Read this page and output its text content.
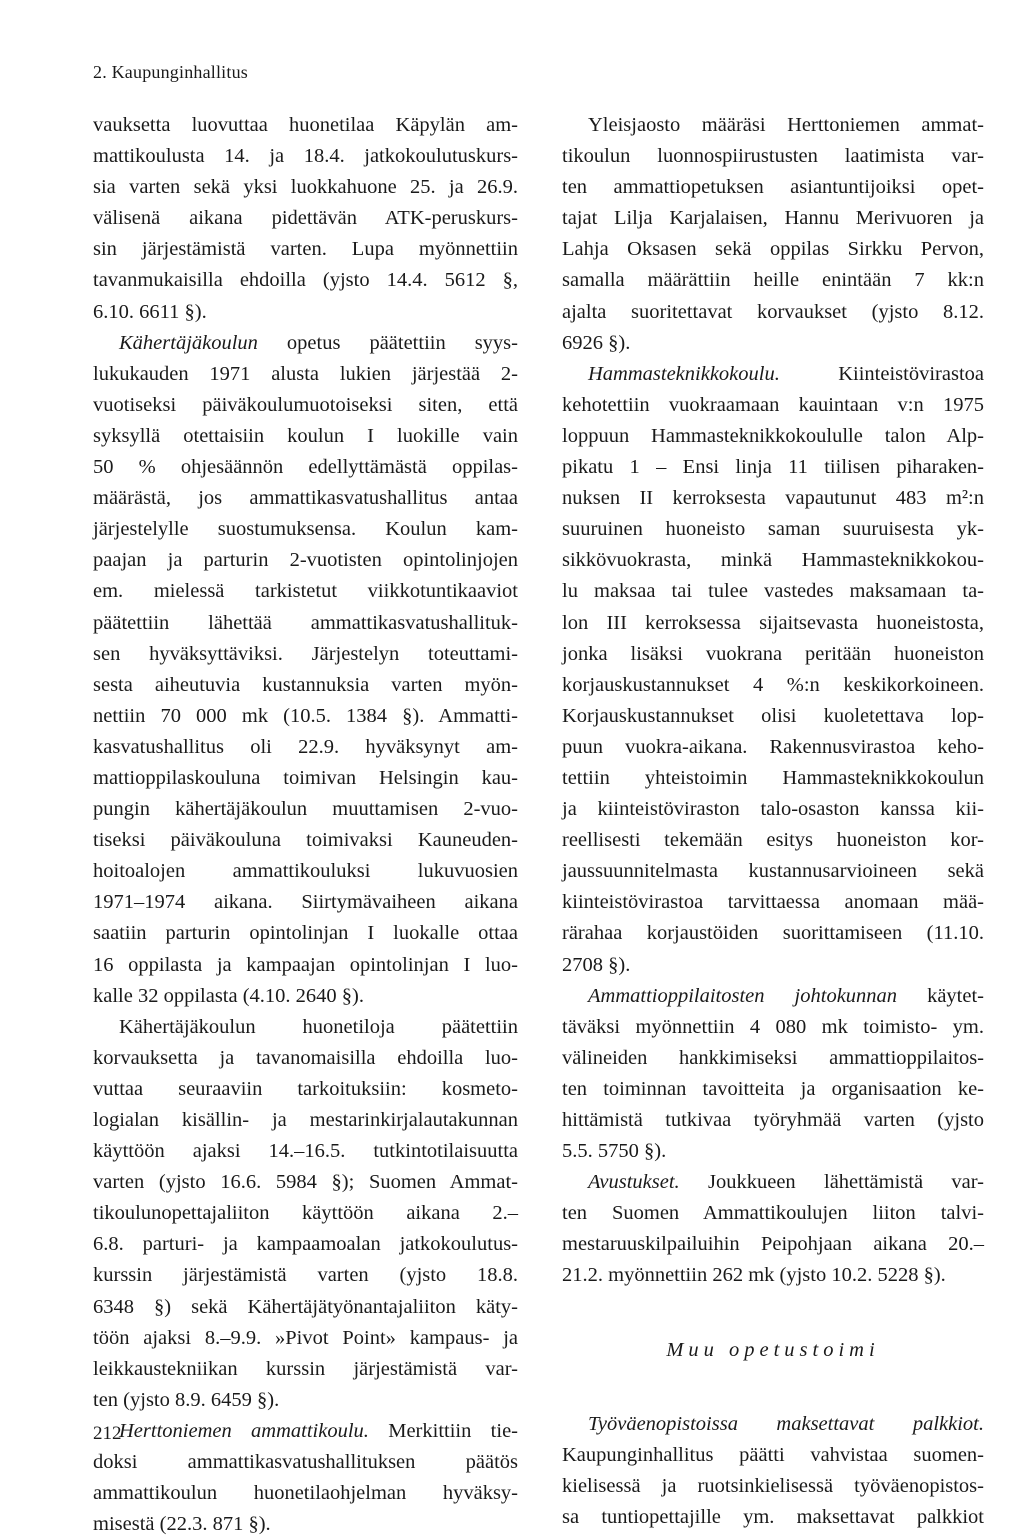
2. Kaupunginhallitus

vauksetta luovuttaa huonetilaa Käpylän am-
mattikoulusta 14. ja 18.4. jatkokoulutuskurs-
sia varten sekä yksi luokkahuone 25. ja 26.9.
välisenä aikana pidettävän ATK-peruskurs-
sin järjestämistä varten. Lupa myönnettiin
tavanmukaisilla ehdoilla (yjsto 14.4. 5612 §,
6.10. 6611 §).

Kähertäjäkoulun opetus päätettiin syys-
lukukauden 1971 alusta lukien järjestää 2-
vuotiseksi päiväkoulumuotoiseksi siten, että
syksyllä otettaisiin koulun I luokille vain
50 % ohjesäännön edellyttämästä oppilas-
määrästä, jos ammattikasvatushallitus antaa
järjestelylle suostumuksensa. Koulun kam-
paajan ja parturin 2-vuotisten opintolinjojen
em. mielessä tarkistetut viikkotuntikaaviot
päätettiin lähettää ammattikasvatushallituk-
sen hyväksyttäviksi. Järjestelyn toteuttami-
sesta aiheutuvia kustannuksia varten myön-
nettiin 70 000 mk (10.5. 1384 §). Ammatti-
kasvatushallitus oli 22.9. hyväksynyt am-
mattioppilaskouluna toimivan Helsingin kau-
pungin kähertäjäkoulun muuttamisen 2-vuo-
tiseksi päiväkouluna toimivaksi Kauneuden-
hoitoalojen ammattikouluksi lukuvuosien
1971–1974 aikana. Siirtymävaiheen aikana
saatiin parturin opintolinjan I luokalle ottaa
16 oppilasta ja kampaajan opintolinjan I luo-
kalle 32 oppilasta (4.10. 2640 §).

Kähertäjäkoulun huonetiloja päätettiin
korvauksetta ja tavanomaisilla ehdoilla luo-
vuttaa seuraaviin tarkoituksiin: kosmeto-
logialan kisällin- ja mestarinkirjalautakunnan
käyttöön ajaksi 14.–16.5. tutkintotilaisuutta
varten (yjsto 16.6. 5984 §); Suomen Ammat-
tikoulunopettajaliiton käyttöön aikana 2.–
6.8. parturi- ja kampaamoalan jatkokoulutus-
kurssin järjestämistä varten (yjsto 18.8.
6348 §) sekä Kähertäjätyönantajaliiton käty-
töön ajaksi 8.–9.9. »Pivot Point» kampaus- ja
leikkaustekniikan kurssin järjestämistä var-
ten (yjsto 8.9. 6459 §).

Herttoniemen ammattikoulu. Merkittiin tie-
doksi ammattikasvatushallituksen päätös
ammattikoulun huonetilaohjelman hyväksy-
misestä (22.3. 871 §).

Yleisjaosto määräsi Herttoniemen ammat-
tikoulun luonnospiirustusten laatimista var-
ten ammattiopetuksen asiantuntijoiksi opet-
tajat Lilja Karjalaisen, Hannu Merivuoren ja
Lahja Oksasen sekä oppilas Sirkku Pervon,
samalla määrättiin heille enintään 7 kk:n
ajalta suoritettavat korvaukset (yjsto 8.12.
6926 §).

Hammasteknikkokoulu. Kiinteistövirastoa
kehotettiin vuokraamaan kauintaan v:n 1975
loppuun Hammasteknikkokoululle talon Alp-
pikatu 1 – Ensi linja 11 tiilisen piharaken-
nuksen II kerroksesta vapautunut 483 m²:n
suuruinen huoneisto saman suuruisesta yk-
sikkövuokrasta, minkä Hammasteknikkokou-
lu maksaa tai tulee vastedes maksamaan ta-
lon III kerroksessa sijaitsevasta huoneistosta,
jonka lisäksi vuokrana peritään huoneiston
korjauskustannukset 4 %:n keskikorkoineen.
Korjauskustannukset olisi kuoletettava lop-
puun vuokra-aikana. Rakennusvirastoa keho-
tettiin yhteistoimin Hammasteknikkokoulun
ja kiinteistöviraston talo-osaston kanssa kii-
reellisesti tekemään esitys huoneiston kor-
jaussuunnitelmasta kustannusarvioineen sekä
kiinteistövirastoa tarvittaessa anomaan mää-
rärahaa korjaustöiden suorittamiseen (11.10.
2708 §).

Ammattioppilaitosten johtokunnan käytet-
täväksi myönnettiin 4 080 mk toimisto- ym.
välineiden hankkimiseksi ammattioppilaitos-
ten toiminnan tavoitteita ja organisaation ke-
hittämistä tutkivaa työryhmää varten (yjsto
5.5. 5750 §).

Avustukset. Joukkueen lähettämistä var-
ten Suomen Ammattikoulujen liiton talvi-
mestaruuskilpailuihin Peipohjaan aikana 20.–
21.2. myönnettiin 262 mk (yjsto 10.2. 5228 §).

Muu opetustoimi

Työväenopistoissa maksettavat palkkiot.
Kaupunginhallitus päätti vahvistaa suomen-
kielisessä ja ruotsinkielisessä työväenopistos-
sa tuntiopettajille ym. maksettavat palkkiot

212
